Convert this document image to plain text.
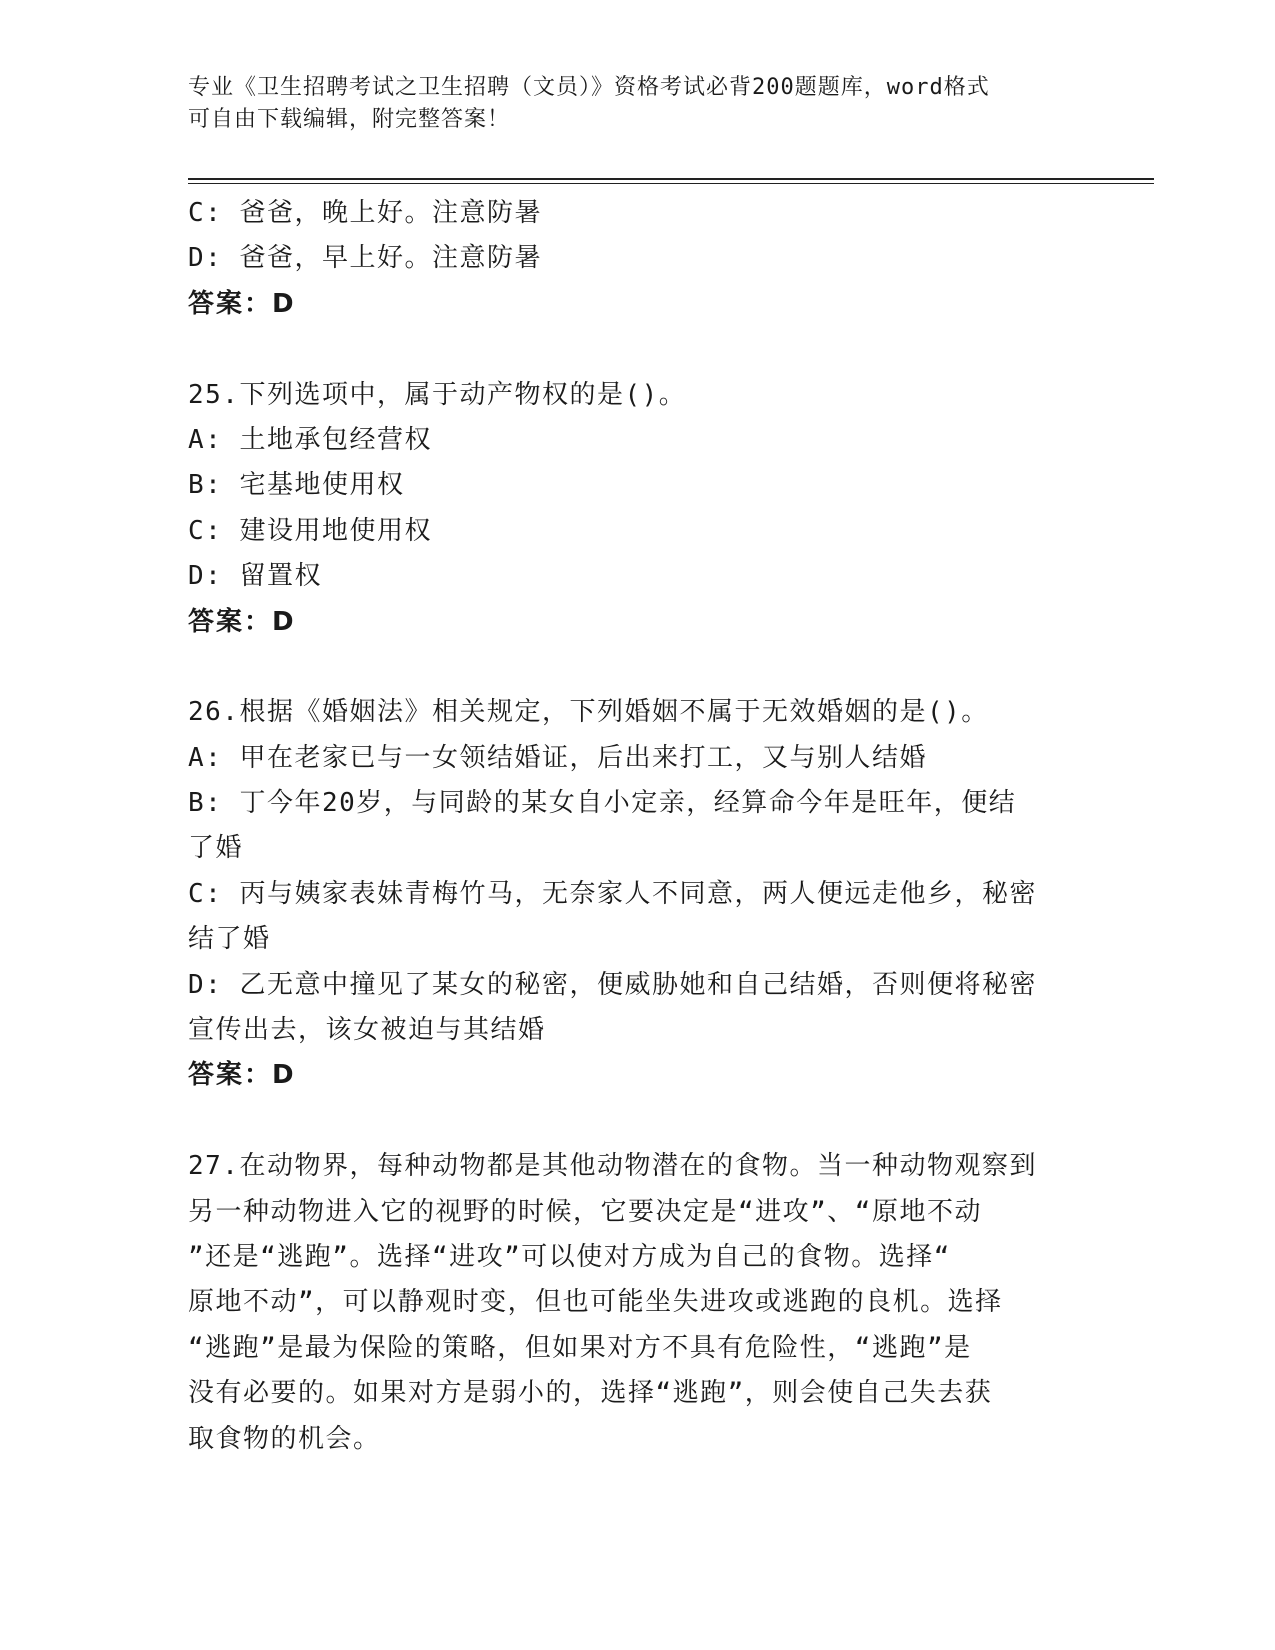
专业《卫生招聘考试之卫生招聘（文员）》资格考试必背200题题库，word格式
可自由下载编辑，附完整答案！
C: 爸爸，晚上好。注意防暑
D: 爸爸，早上好。注意防暑
答案：D
25.下列选项中，属于动产物权的是()。
A: 土地承包经营权
B: 宅基地使用权
C: 建设用地使用权
D: 留置权
答案：D
26.根据《婚姻法》相关规定，下列婚姻不属于无效婚姻的是()。
A: 甲在老家已与一女领结婚证，后出来打工，又与别人结婚
B: 丁今年20岁，与同龄的某女自小定亲，经算命今年是旺年，便结
了婚
C: 丙与姨家表妹青梅竹马，无奈家人不同意，两人便远走他乡，秘密
结了婚
D: 乙无意中撞见了某女的秘密，便威胁她和自己结婚，否则便将秘密
宣传出去，该女被迫与其结婚
答案：D
27.在动物界，每种动物都是其他动物潜在的食物。当一种动物观察到
另一种动物进入它的视野的时候，它要决定是“进攻”、“原地不动
”还是“逃跑”。选择“进攻”可以使对方成为自己的食物。选择“
原地不动”，可以静观时变，但也可能坐失进攻或逃跑的良机。选择
“逃跑”是最为保险的策略，但如果对方不具有危险性，“逃跑”是
没有必要的。如果对方是弱小的，选择“逃跑”，则会使自己失去获
取食物的机会。
